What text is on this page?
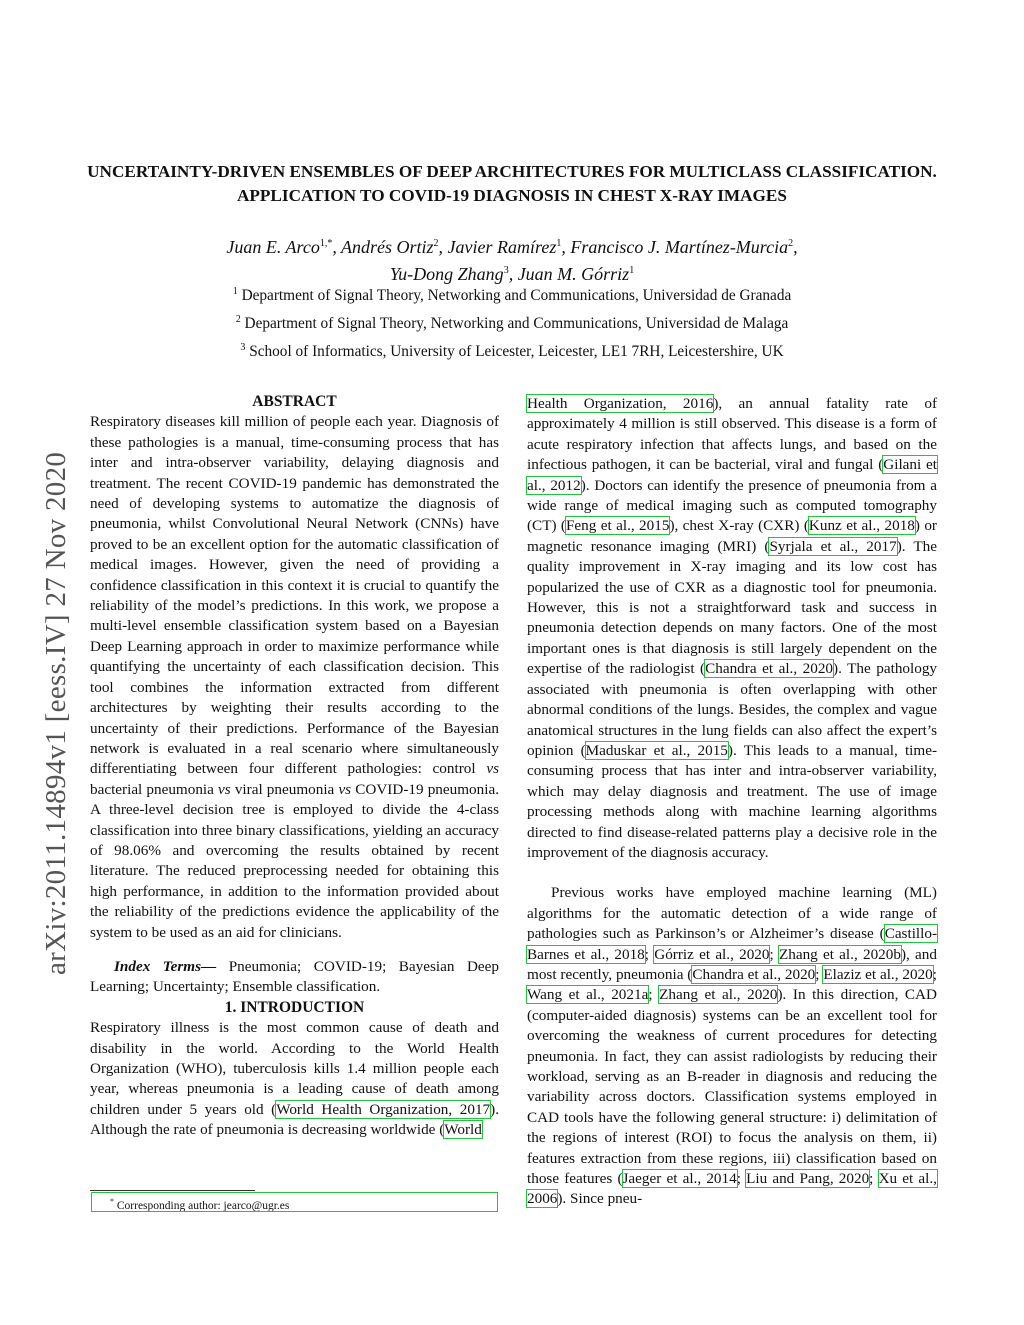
arXiv:2011.14894v1 [eess.IV] 27 Nov 2020
UNCERTAINTY-DRIVEN ENSEMBLES OF DEEP ARCHITECTURES FOR MULTICLASS CLASSIFICATION. APPLICATION TO COVID-19 DIAGNOSIS IN CHEST X-RAY IMAGES
Juan E. Arco$^{1,*}$, Andrés Ortiz$^2$, Javier Ramírez$^1$, Francisco J. Martínez-Murcia$^2$,
Yu-Dong Zhang$^3$, Juan M. Górriz$^1$
$^1$ Department of Signal Theory, Networking and Communications, Universidad de Granada
$^2$ Department of Signal Theory, Networking and Communications, Universidad de Malaga
$^3$ School of Informatics, University of Leicester, Leicester, LE1 7RH, Leicestershire, UK

ABSTRACT

Respiratory diseases kill million of people each year. Diagnosis of these pathologies is a manual, time-consuming process that has inter and intra-observer variability, delaying diagnosis and treatment. The recent COVID-19 pandemic has demonstrated the need of developing systems to automatize the diagnosis of pneumonia, whilst Convolutional Neural Network (CNNs) have proved to be an excellent option for the automatic classification of medical images. However, given the need of providing a confidence classification in this context it is crucial to quantify the reliability of the model’s predictions. In this work, we propose a multi-level ensemble classification system based on a Bayesian Deep Learning approach in order to maximize performance while quantifying the uncertainty of each classification decision. This tool combines the information extracted from different architectures by weighting their results according to the uncertainty of their predictions. Performance of the Bayesian network is evaluated in a real scenario where simultaneously differentiating between four different pathologies: control vs bacterial pneumonia vs viral pneumonia vs COVID-19 pneumonia. A three-level decision tree is employed to divide the 4-class classification into three binary classifications, yielding an accuracy of 98.06% and overcoming the results obtained by recent literature. The reduced preprocessing needed for obtaining this high performance, in addition to the information provided about the reliability of the predictions evidence the applicability of the system to be used as an aid for clinicians.

Index Terms— Pneumonia; COVID-19; Bayesian Deep Learning; Uncertainty; Ensemble classification.

1. INTRODUCTION

Respiratory illness is the most common cause of death and disability in the world. According to the World Health Organization (WHO), tuberculosis kills 1.4 million people each year, whereas pneumonia is a leading cause of death among children under 5 years old (World Health Organization, 2017). Although the rate of pneumonia is decreasing worldwide (World

Health Organization, 2016), an annual fatality rate of approximately 4 million is still observed. This disease is a form of acute respiratory infection that affects lungs, and based on the infectious pathogen, it can be bacterial, viral and fungal (Gilani et al., 2012). Doctors can identify the presence of pneumonia from a wide range of medical imaging such as computed tomography (CT) (Feng et al., 2015), chest X-ray (CXR) (Kunz et al., 2018) or magnetic resonance imaging (MRI) (Syrjala et al., 2017). The quality improvement in X-ray imaging and its low cost has popularized the use of CXR as a diagnostic tool for pneumonia. However, this is not a straightforward task and success in pneumonia detection depends on many factors. One of the most important ones is that diagnosis is still largely dependent on the expertise of the radiologist (Chandra et al., 2020). The pathology associated with pneumonia is often overlapping with other abnormal conditions of the lungs. Besides, the complex and vague anatomical structures in the lung fields can also affect the expert’s opinion (Maduskar et al., 2015). This leads to a manual, time-consuming process that has inter and intra-observer variability, which may delay diagnosis and treatment. The use of image processing methods along with machine learning algorithms directed to find disease-related patterns play a decisive role in the improvement of the diagnosis accuracy.

Previous works have employed machine learning (ML) algorithms for the automatic detection of a wide range of pathologies such as Parkinson’s or Alzheimer’s disease (Castillo-Barnes et al., 2018; Górriz et al., 2020; Zhang et al., 2020b), and most recently, pneumonia (Chandra et al., 2020; Elaziz et al., 2020; Wang et al., 2021a; Zhang et al., 2020). In this direction, CAD (computer-aided diagnosis) systems can be an excellent tool for overcoming the weakness of current procedures for detecting pneumonia. In fact, they can assist radiologists by reducing their workload, serving as an B-reader in diagnosis and reducing the variability across doctors. Classification systems employed in CAD tools have the following general structure: i) delimitation of the regions of interest (ROI) to focus the analysis on them, ii) features extraction from these regions, iii) classification based on those features (Jaeger et al., 2014; Liu and Pang, 2020; Xu et al., 2006). Since pneu-

* Corresponding author: jearco@ugr.es
